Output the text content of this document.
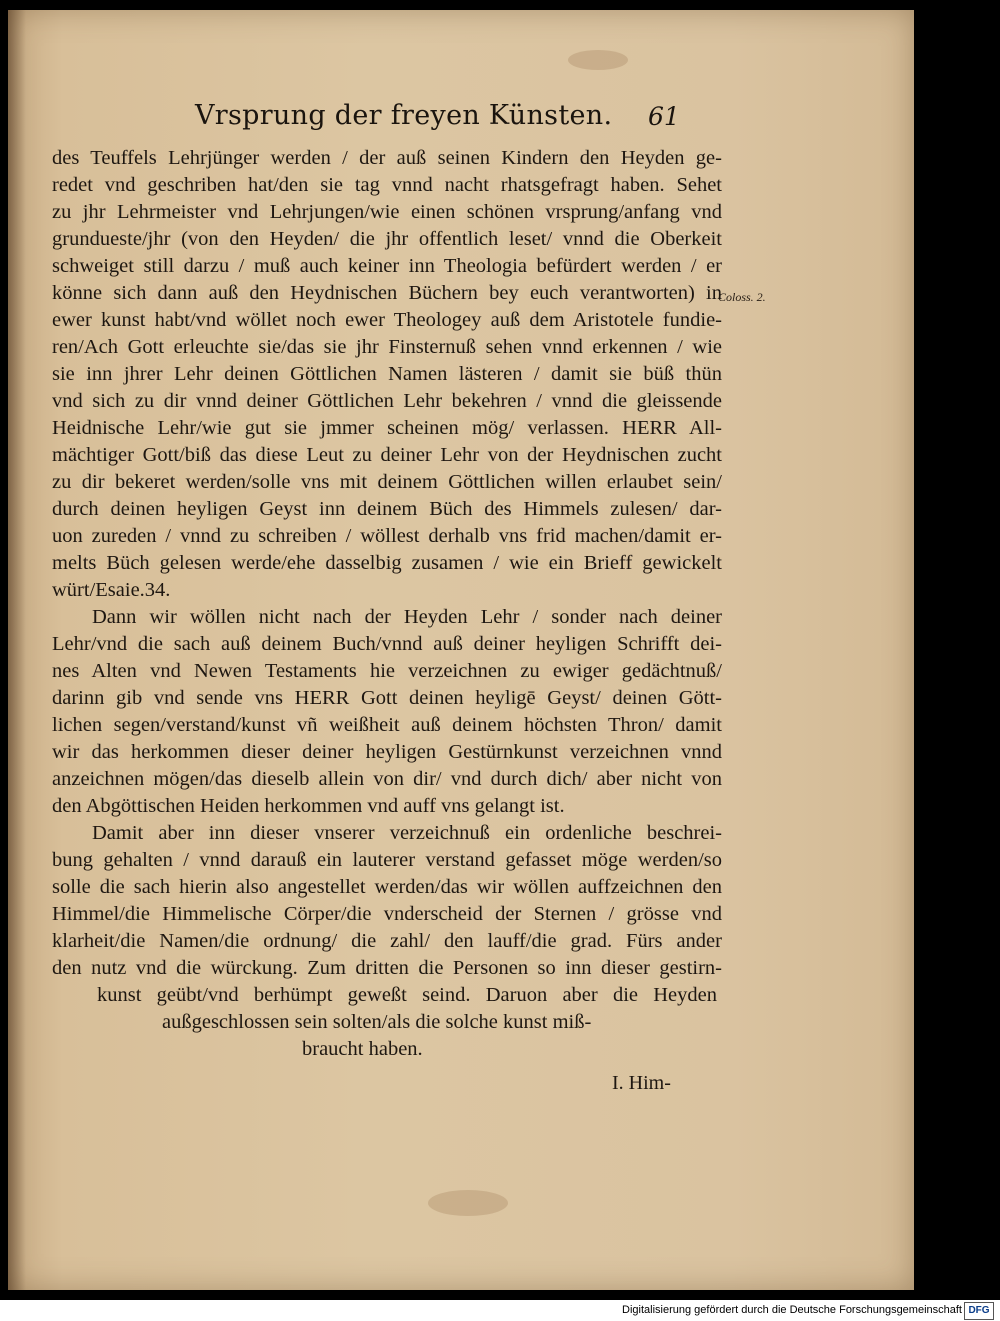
Vrsprung der freyen Künsten.	61
Coloss. 2.
des Teuffels Lehrjünger werden / der auß seinen Kindern den Heyden ge-
redet vnd geschriben hat/den sie tag vnnd nacht rhatsgefragt haben. Sehet
zu jhr Lehrmeister vnd Lehrjungen/wie einen schönen vrsprung/anfang vnd
grundueste/jhr (von den Heyden/ die jhr offentlich leset/ vnnd die Oberkeit
schweiget still darzu / muß auch keiner inn Theologia befürdert werden / er
könne sich dann auß den Heydnischen Büchern bey euch verantworten) in
ewer kunst habt/vnd wöllet noch ewer Theologey auß dem Aristotele fundie-
ren/Ach Gott erleuchte sie/das sie jhr Finsternuß sehen vnnd erkennen / wie
sie inn jhrer Lehr deinen Göttlichen Namen lästeren / damit sie büß thün
vnd sich zu dir vnnd deiner Göttlichen Lehr bekehren / vnnd die gleissende
Heidnische Lehr/wie gut sie jmmer scheinen mög/ verlassen. HERR All-
mächtiger Gott/biß das diese Leut zu deiner Lehr von der Heydnischen zucht
zu dir bekeret werden/solle vns mit deinem Göttlichen willen erlaubet sein/
durch deinen heyligen Geyst inn deinem Büch des Himmels zulesen/ dar-
uon zureden / vnnd zu schreiben / wöllest derhalb vns frid machen/damit er-
melts Büch gelesen werde/ehe dasselbig zusamen / wie ein Brieff gewickelt
würt/Esaie.34.
Dann wir wöllen nicht nach der Heyden Lehr / sonder nach deiner
Lehr/vnd die sach auß deinem Buch/vnnd auß deiner heyligen Schrifft dei-
nes Alten vnd Newen Testaments hie verzeichnen zu ewiger gedächtnuß/
darinn gib vnd sende vns HERR Gott deinen heyligē Geyst/ deinen Gött-
lichen segen/verstand/kunst vñ weißheit auß deinem höchsten Thron/ damit
wir das herkommen dieser deiner heyligen Gestürnkunst verzeichnen vnnd
anzeichnen mögen/das dieselb allein von dir/ vnd durch dich/ aber nicht von
den Abgöttischen Heiden herkommen vnd auff vns gelangt ist.
Damit aber inn dieser vnserer verzeichnuß ein ordenliche beschrei-
bung gehalten / vnnd darauß ein lauterer verstand gefasset möge werden/so
solle die sach hierin also angestellet werden/das wir wöllen auffzeichnen den
Himmel/die Himmelische Cörper/die vnderscheid der Sternen / grösse vnd
klarheit/die Namen/die ordnung/ die zahl/ den lauff/die grad. Fürs ander
den nutz vnd die würckung. Zum dritten die Personen so inn dieser gestirn-
kunst geübt/vnd berhümpt geweßt seind. Daruon aber die Heyden
außgeschlossen sein solten/als die solche kunst miß-
braucht haben.
I. Him-
Digitalisierung gefördert durch die Deutsche Forschungsgemeinschaft DFG
